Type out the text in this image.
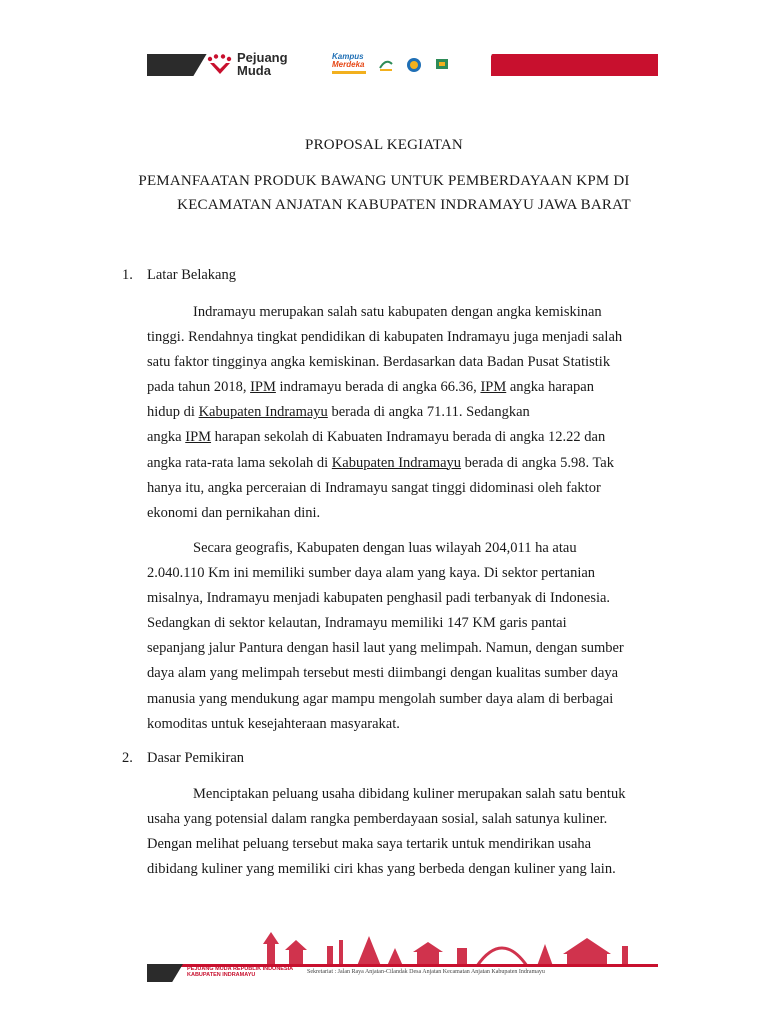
Pejuang
Muda
Kampus
Merdeka
PROPOSAL KEGIATAN
PEMANFAATAN PRODUK BAWANG UNTUK PEMBERDAYAAN KPM DI
KECAMATAN ANJATAN KABUPATEN INDRAMAYU JAWA BARAT
1. Latar Belakang
Indramayu merupakan salah satu kabupaten dengan angka kemiskinan
tinggi. Rendahnya tingkat pendidikan di kabupaten Indramayu juga menjadi salah
satu faktor tingginya angka kemiskinan. Berdasarkan data Badan Pusat Statistik
pada tahun 2018, IPM indramayu berada di angka 66.36, IPM angka harapan
hidup di Kabupaten Indramayu berada di angka 71.11. Sedangkan
angka IPM harapan sekolah di Kabuaten Indramayu berada di angka 12.22 dan
angka rata-rata lama sekolah di Kabupaten Indramayu berada di angka 5.98. Tak
hanya itu, angka perceraian di Indramayu sangat tinggi didominasi oleh faktor
ekonomi dan pernikahan dini.
Secara geografis, Kabupaten dengan luas wilayah 204,011 ha atau
2.040.110 Km ini memiliki sumber daya alam yang kaya. Di sektor pertanian
misalnya, Indramayu menjadi kabupaten penghasil padi terbanyak di Indonesia.
Sedangkan di sektor kelautan, Indramayu memiliki 147 KM garis pantai
sepanjang jalur Pantura dengan hasil laut yang melimpah. Namun, dengan sumber
daya alam yang melimpah tersebut mesti diimbangi dengan kualitas sumber daya
manusia yang mendukung agar mampu mengolah sumber daya alam di berbagai
komoditas untuk kesejahteraan masyarakat.
2. Dasar Pemikiran
Menciptakan peluang usaha dibidang kuliner merupakan salah satu bentuk
usaha yang potensial dalam rangka pemberdayaan sosial, salah satunya kuliner.
Dengan melihat peluang tersebut maka saya tertarik untuk mendirikan usaha
dibidang kuliner yang memiliki ciri khas yang berbeda dengan kuliner yang lain.
PEJUANG MUDA REPUBLIK INDONESIA
KABUPATEN INDRAMAYU	Sekretariat : Jalan Raya Anjatan-Cilandak Desa Anjatan Kecamatan Anjatan Kabupaten Indramayu
